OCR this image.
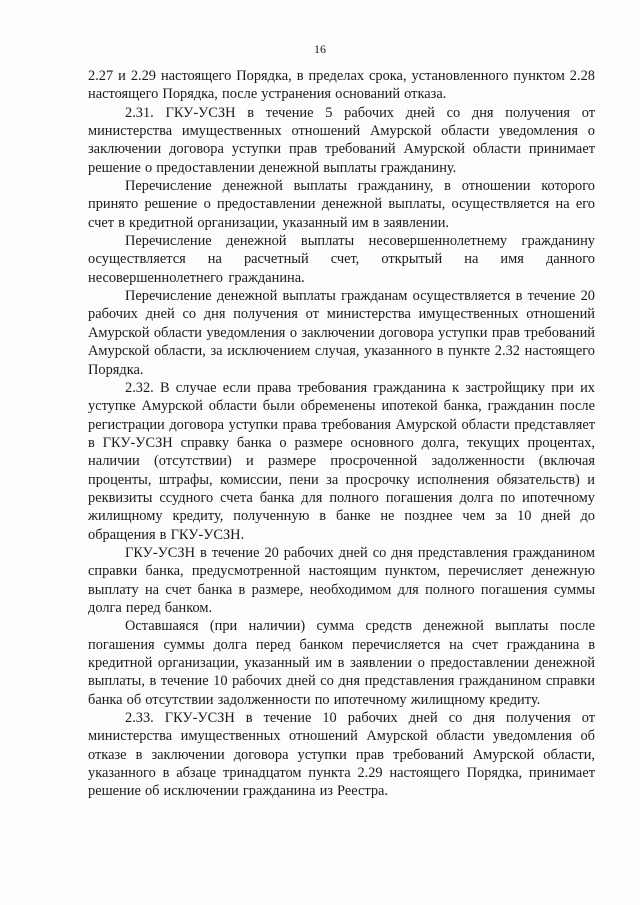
16

2.27 и 2.29 настоящего Порядка, в пределах срока, установленного пунктом 2.28 настоящего Порядка, после устранения оснований отказа.

2.31. ГКУ-УСЗН в течение 5 рабочих дней со дня получения от министерства имущественных отношений Амурской области уведомления о заключении договора уступки прав требований Амурской области принимает решение о предоставлении денежной выплаты гражданину.

Перечисление денежной выплаты гражданину, в отношении которого принято решение о предоставлении денежной выплаты, осуществляется на его счет в кредитной организации, указанный им в заявлении.

Перечисление денежной выплаты несовершеннолетнему гражданину осуществляется на расчетный счет, открытый на имя данного несовершеннолетнего гражданина.

Перечисление денежной выплаты гражданам осуществляется в течение 20 рабочих дней со дня получения от министерства имущественных отношений Амурской области уведомления о заключении договора уступки прав требований Амурской области, за исключением случая, указанного в пункте 2.32 настоящего Порядка.

2.32. В случае если права требования гражданина к застройщику при их уступке Амурской области были обременены ипотекой банка, гражданин после регистрации договора уступки права требования Амурской области представляет в ГКУ-УСЗН справку банка о размере основного долга, текущих процентах, наличии (отсутствии) и размере просроченной задолженности (включая проценты, штрафы, комиссии, пени за просрочку исполнения обязательств) и реквизиты ссудного счета банка для полного погашения долга по ипотечному жилищному кредиту, полученную в банке не позднее чем за 10 дней до обращения в ГКУ-УСЗН.

ГКУ-УСЗН в течение 20 рабочих дней со дня представления гражданином справки банка, предусмотренной настоящим пунктом, перечисляет денежную выплату на счет банка в размере, необходимом для полного погашения суммы долга перед банком.

Оставшаяся (при наличии) сумма средств денежной выплаты после погашения суммы долга перед банком перечисляется на счет гражданина в кредитной организации, указанный им в заявлении о предоставлении денежной выплаты, в течение 10 рабочих дней со дня представления гражданином справки банка об отсутствии задолженности по ипотечному жилищному кредиту.

2.33. ГКУ-УСЗН в течение 10 рабочих дней со дня получения от министерства имущественных отношений Амурской области уведомления об отказе в заключении договора уступки прав требований Амурской области, указанного в абзаце тринадцатом пункта 2.29 настоящего Порядка, принимает решение об исключении гражданина из Реестра.
